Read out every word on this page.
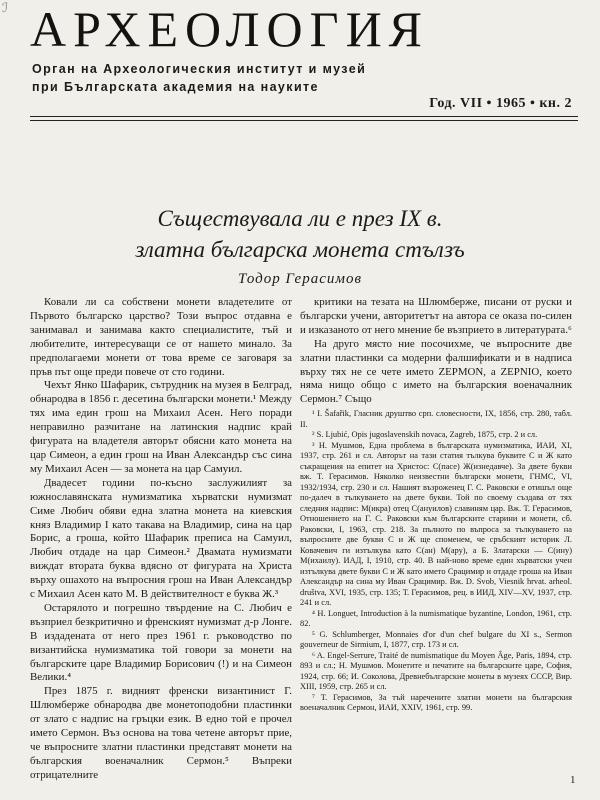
ℐ АРХЕОЛОГИЯ
Орган на Археологическия институт и музей
при Българската академия на науките
Год. VII • 1965 • кн. 2
Съществувала ли е през IX в.
златна българска монета стълзъ
Тодор Герасимов

Ковали ли са собствени монети владетелите от Първото българско царство? Този въпрос отдавна е занимавал и занимава както специалистите, тъй и любителите, интересуващи се от нашето минало. За предполагаеми монети от това време се заговаря за пръв път още преди повече от сто години.

Чехът Янко Шафарик, сътрудник на музея в Белград, обнародва в 1856 г. десетина български монети.¹ Между тях има един грош на Михаил Асен. Него поради неправилно разчитане на латинския надпис край фигурата на владетеля авторът обясни като монета на цар Симеон, а един грош на Иван Александър със сина му Михаил Асен — за монета на цар Самуил.

Двадесет години по-късно заслужилият за южнославянската нумизматика хърватски нумизмат Симе Любич обяви една златна монета на киевския княз Владимир I като такава на Владимир, сина на цар Борис, а гроша, който Шафарик преписа на Самуил, Любич отдаде на цар Симеон.² Двамата нумизмати виждат втората буква вдясно от фигурата на Христа върху ошахото на въпросния грош на Иван Александър с Михаил Асен като М. В действителност е буква Ж.³

Остарялото и погрешно твърдение на С. Любич е възприел безкритично и френският нумизмат д-р Лонге. В издадената от него през 1961 г. ръководство по византийска нумизматика той говори за монети на българските царе Владимир Борисович (!) и на Симеон Велики.⁴

През 1875 г. видният френски византинист Г. Шлюмберже обнародва две монетоподобни пластинки от злато с надпис на гръцки език. В едно той е прочел името Сермон. Въз основа на това четене авторът прие, че въпросните златни пластинки представят монети на българския военачалник Сермон.⁵ Въпреки отрицателните

критики на тезата на Шлюмберже, писани от руски и български учени, авторитетът на автора се оказа по-силен и изказаното от него мнение бе възприето в литературата.⁶

На друго място ние посочихме, че въпросните две златни пластинки са модерни фалшификати и в надписа върху тях не се чете името ZEPMON, а ZEPNIO, което няма нищо общо с името на българския военачалник Сермон.⁷ Също

¹ I. Šafařik, Гласник друштво срп. словесности, IX, 1856, стр. 280, табл. II.

² S. Ljubić, Opis jugoslavenskih novaca, Zagreb, 1875, стр. 2 и сл.

³ Н. Мушмов, Една проблема в българската нумизматика, ИАИ, XI, 1937, стр. 261 и сл. Авторът на тази статия тълкува буквите С и Ж като съкращения на епитет на Христос: С(пасе) Ж(изнедавче). За двете букви вж. Т. Герасимов. Няколко неизвестни български монети, ГНМС, VI, 1932/1934, стр. 230 и сл. Нашият възроженец Г. С. Раковски е отишъл още по-далеч в тълкуването на двете букви. Той по своему създава от тях следния надпис: М(икра) отец С(ануилов) славиням цар. Вж. Т. Герасимов, Отношението на Г. С. Раковски към българските старини и монети, сб. Раковски, I, 1963, стр. 218. За пълното по въпроса за тълкуването на въпросните две букви С и Ж ще споменем, че сръбският историк Л. Ковачевич ги изтълкува като С(ан) М(ару), а Б. Златарски — С(ину) М(ихаилу). ИАД, I, 1910, стр. 40. В най-ново време един хърватски учен изтълкува двете букви С и Ж като името Срацимир и отдаде гроша на Иван Александър на сина му Иван Срацимир. Вж. D. Svob, Viesnik hrvat. arheol. društva, XVI, 1935, стр. 135; Т. Герасимов, рец. в ИИД, XIV—XV, 1937, стр. 241 и сл.

⁴ H. Longuet, Introduction à la numismatique byzantine, London, 1961, стр. 82.

⁵ G. Schlumberger, Monnaies d'or d'un chef bulgare du XI s., Sermon gouverneur de Sirmium, I, 1877, стр. 173 и сл.

⁶ A. Engel-Serrure, Traité de numismatique du Moyen Âge, Paris, 1894, стр. 893 и сл.; Н. Мушмов. Монетите и печатите на българските царе, София, 1924, стр. 66; И. Соколова, Древнебългарские монеты в музеях СССР, Вир. XIII, 1959, стр. 265 и сл.

⁷ Т. Герасимов, За тъй наречените златни монети на българския военачалник Сермон, ИАИ, XXIV, 1961, стр. 99.

1
